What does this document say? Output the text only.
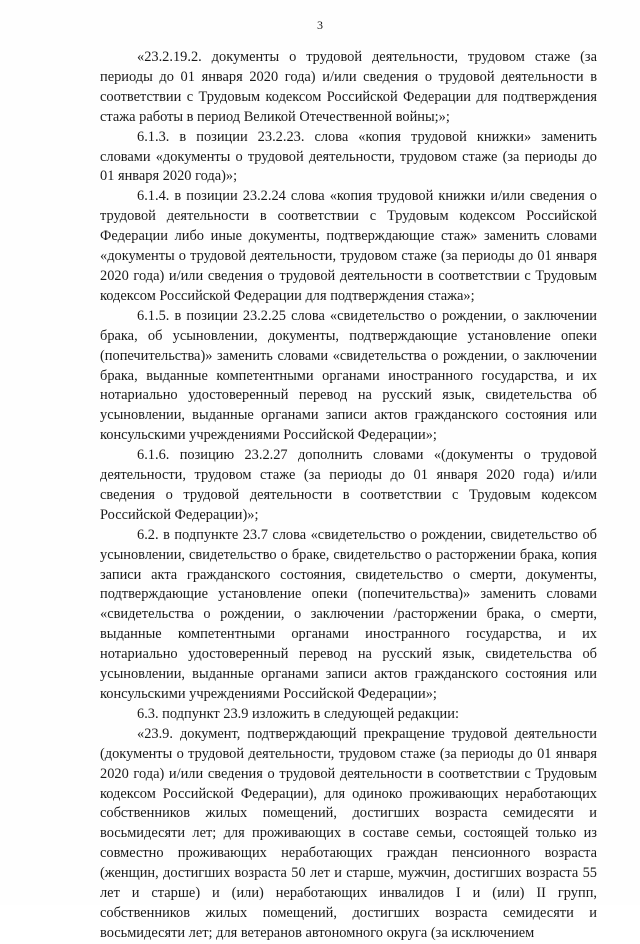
3

«23.2.19.2. документы о трудовой деятельности, трудовом стаже (за периоды до 01 января 2020 года) и/или сведения о трудовой деятельности в соответствии с Трудовым кодексом Российской Федерации для подтверждения стажа работы в период Великой Отечественной войны;»;

6.1.3. в позиции 23.2.23. слова «копия трудовой книжки» заменить словами «документы о трудовой деятельности, трудовом стаже (за периоды до 01 января 2020 года)»;

6.1.4. в позиции 23.2.24 слова «копия трудовой книжки и/или сведения о трудовой деятельности в соответствии с Трудовым кодексом Российской Федерации либо иные документы, подтверждающие стаж» заменить словами «документы о трудовой деятельности, трудовом стаже (за периоды до 01 января 2020 года) и/или сведения о трудовой деятельности в соответствии с Трудовым кодексом Российской Федерации для подтверждения стажа»;

6.1.5. в позиции 23.2.25 слова «свидетельство о рождении, о заключении брака, об усыновлении, документы, подтверждающие установление опеки (попечительства)» заменить словами «свидетельства о рождении, о заключении брака, выданные компетентными органами иностранного государства, и их нотариально удостоверенный перевод на русский язык, свидетельства об усыновлении, выданные органами записи актов гражданского состояния или консульскими учреждениями Российской Федерации»;

6.1.6. позицию 23.2.27 дополнить словами «(документы о трудовой деятельности, трудовом стаже (за периоды до 01 января 2020 года) и/или сведения о трудовой деятельности в соответствии с Трудовым кодексом Российской Федерации)»;

6.2. в подпункте 23.7 слова «свидетельство о рождении, свидетельство об усыновлении, свидетельство о браке, свидетельство о расторжении брака, копия записи акта гражданского состояния, свидетельство о смерти, документы, подтверждающие установление опеки (попечительства)» заменить словами «свидетельства о рождении, о заключении /расторжении брака, о смерти, выданные компетентными органами иностранного государства, и их нотариально удостоверенный перевод на русский язык, свидетельства об усыновлении, выданные органами записи актов гражданского состояния или консульскими учреждениями Российской Федерации»;

6.3. подпункт 23.9 изложить в следующей редакции:

«23.9. документ, подтверждающий прекращение трудовой деятельности (документы о трудовой деятельности, трудовом стаже (за периоды до 01 января 2020 года) и/или сведения о трудовой деятельности в соответствии с Трудовым кодексом Российской Федерации), для одиноко проживающих неработающих собственников жилых помещений, достигших возраста семидесяти и восьмидесяти лет; для проживающих в составе семьи, состоящей только из совместно проживающих неработающих граждан пенсионного возраста (женщин, достигших возраста 50 лет и старше, мужчин, достигших возраста 55 лет и старше) и (или) неработающих инвалидов I и (или) II групп, собственников жилых помещений, достигших возраста семидесяти и восьмидесяти лет; для ветеранов автономного округа (за исключением
